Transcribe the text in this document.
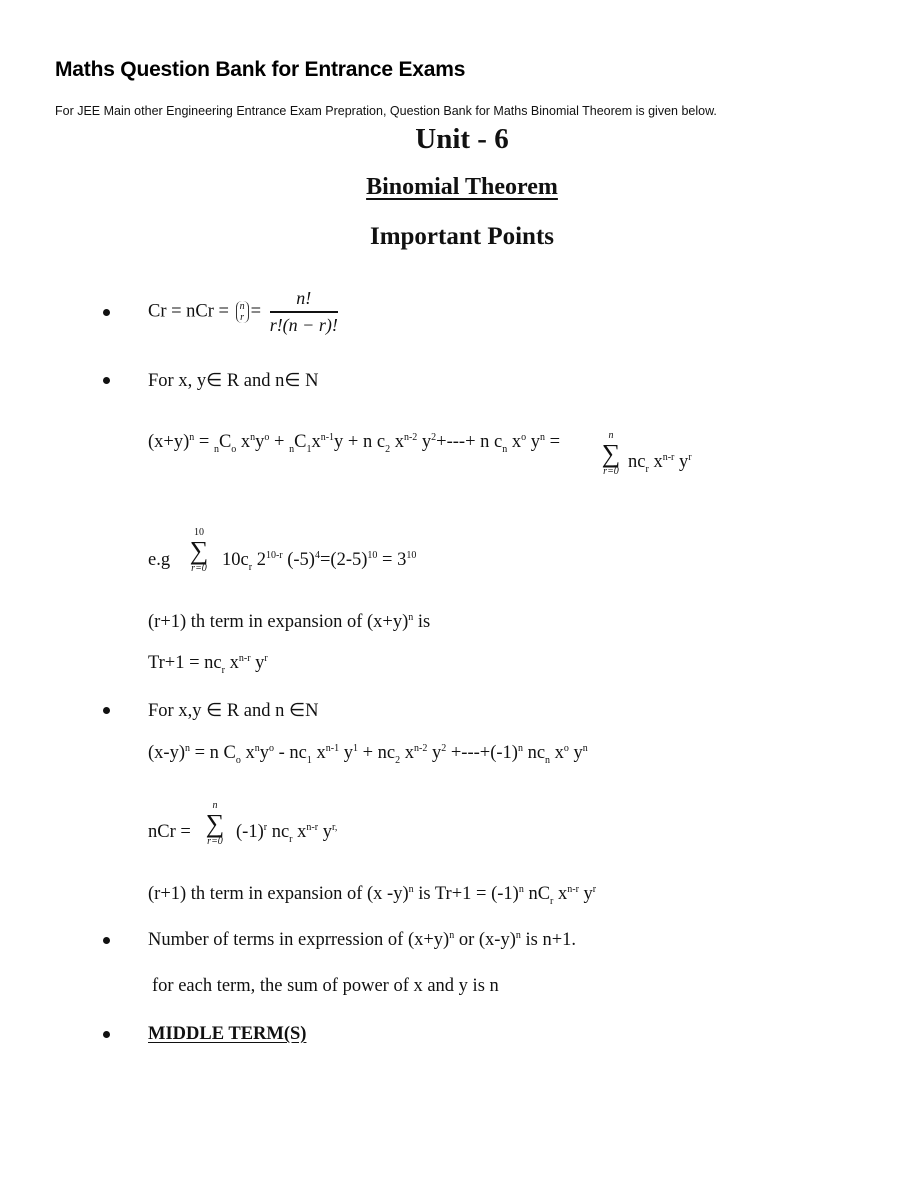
Maths Question Bank for Entrance Exams
For JEE Main other Engineering Entrance Exam Prepration, Question Bank for Maths Binomial Theorem is given below.
Unit - 6
Binomial Theorem
Important Points
Cr = nCr = n
$r = \frac{n!}{r!(n - r)!}$
For x, y∈ R and n∈ N
$(x+y)^n = _nC_o$ $x^ny^o + _nC_1x^{n-1}y + n$ $c_2$ $x^{n-2}$ $y^2+---+ n$ $c_n$ $x^o$ $y^n$ =	n
∑
r=0 $nc_r$ $x^{n-r}$ $y^r$
e.g
10
∑
r=0 $10c_r$ 2$^{10-r}$ $(-5)^4=(2-5)^{10} = 3^{10}$
(r+1) th term in expansion of $(x+y)^n$ is
$Tr+1 = nc_r$ $x^{n-r}$ $y^r$
For x,y ∈ R and n ∈N
$(x-y)^n = n$ $C_o$ $x^ny^o - nc_1$ $x^{n-1}$ $y^1 + nc_2$ $x^{n-2}$ $y^2 +---+(-1)^n$ $nc_n$ $x^o$ $y^n$
nCr =
n
∑
r=0 $(-1)^r$ $nc_r$ $x^{n-r}$ $y^{r,}$
(r+1) th term in expansion of (x -y)$^n$ is $Tr+1 = (-1)^n$ $nC_r$ $x^{n-r}$ $y^r$
Number of terms in exprression of $(x+y)^n$ or $(x-y)^n$ is n+1.
for each term, the sum of power of x and y is n
MIDDLE TERM(S)
